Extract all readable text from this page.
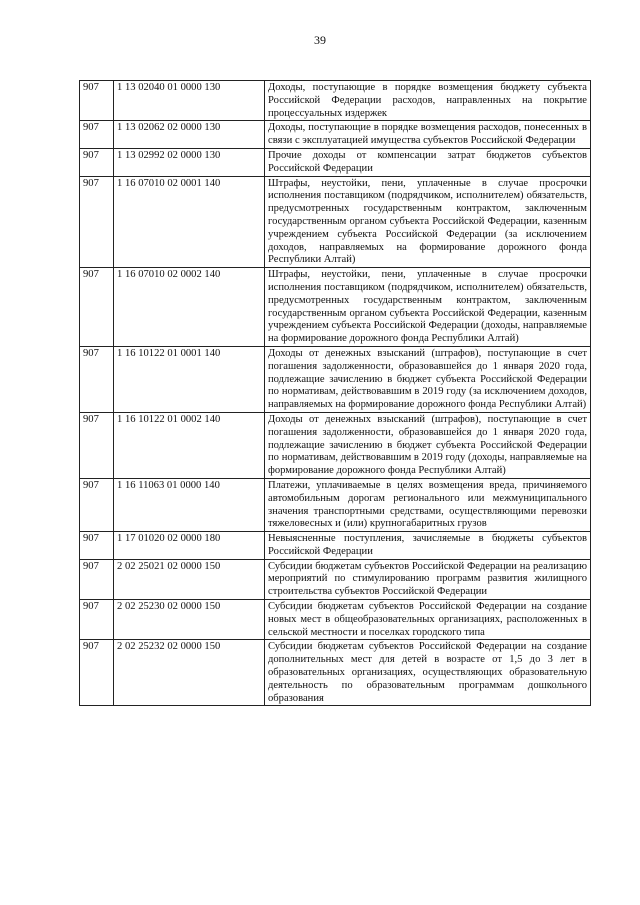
39
907	1 13 02040 01 0000 130	Доходы, поступающие в порядке возмещения бюджету субъекта Российской Федерации расходов, направленных на покрытие процессуальных издержек
907	1 13 02062 02 0000 130	Доходы, поступающие в порядке возмещения расходов, понесенных в связи с эксплуатацией имущества субъектов Российской Федерации
907	1 13 02992 02 0000 130	Прочие доходы от компенсации затрат бюджетов субъектов Российской Федерации
907	1 16 07010 02 0001 140	Штрафы, неустойки, пени, уплаченные в случае просрочки исполнения поставщиком (подрядчиком, исполнителем) обязательств, предусмотренных государственным контрактом, заключенным государственным органом субъекта Российской Федерации, казенным учреждением субъекта Российской Федерации (за исключением доходов, направляемых на формирование дорожного фонда Республики Алтай)
907	1 16 07010 02 0002 140	Штрафы, неустойки, пени, уплаченные в случае просрочки исполнения поставщиком (подрядчиком, исполнителем) обязательств, предусмотренных государственным контрактом, заключенным государственным органом субъекта Российской Федерации, казенным учреждением субъекта Российской Федерации (доходы, направляемые на формирование дорожного фонда Республики Алтай)
907	1 16 10122 01 0001 140	Доходы от денежных взысканий (штрафов), поступающие в счет погашения задолженности, образовавшейся до 1 января 2020 года, подлежащие зачислению в бюджет субъекта Российской Федерации по нормативам, действовавшим в 2019 году (за исключением доходов, направляемых на формирование дорожного фонда Республики Алтай)
907	1 16 10122 01 0002 140	Доходы от денежных взысканий (штрафов), поступающие в счет погашения задолженности, образовавшейся до 1 января 2020 года, подлежащие зачислению в бюджет субъекта Российской Федерации по нормативам, действовавшим в 2019 году (доходы, направляемые на формирование дорожного фонда Республики Алтай)
907	1 16 11063 01 0000 140	Платежи, уплачиваемые в целях возмещения вреда, причиняемого автомобильным дорогам регионального или межмуниципального значения транспортными средствами, осуществляющими перевозки тяжеловесных и (или) крупногабаритных грузов
907	1 17 01020 02 0000 180	Невыясненные поступления, зачисляемые в бюджеты субъектов Российской Федерации
907	2 02 25021 02 0000 150	Субсидии бюджетам субъектов Российской Федерации на реализацию мероприятий по стимулированию программ развития жилищного строительства субъектов Российской Федерации
907	2 02 25230 02 0000 150	Субсидии бюджетам субъектов Российской Федерации на создание новых мест в общеобразовательных организациях, расположенных в сельской местности и поселках городского типа
907	2 02 25232 02 0000 150	Субсидии бюджетам субъектов Российской Федерации на создание дополнительных мест для детей в возрасте от 1,5 до 3 лет в образовательных организациях, осуществляющих образовательную деятельность по образовательным программам дошкольного образования
